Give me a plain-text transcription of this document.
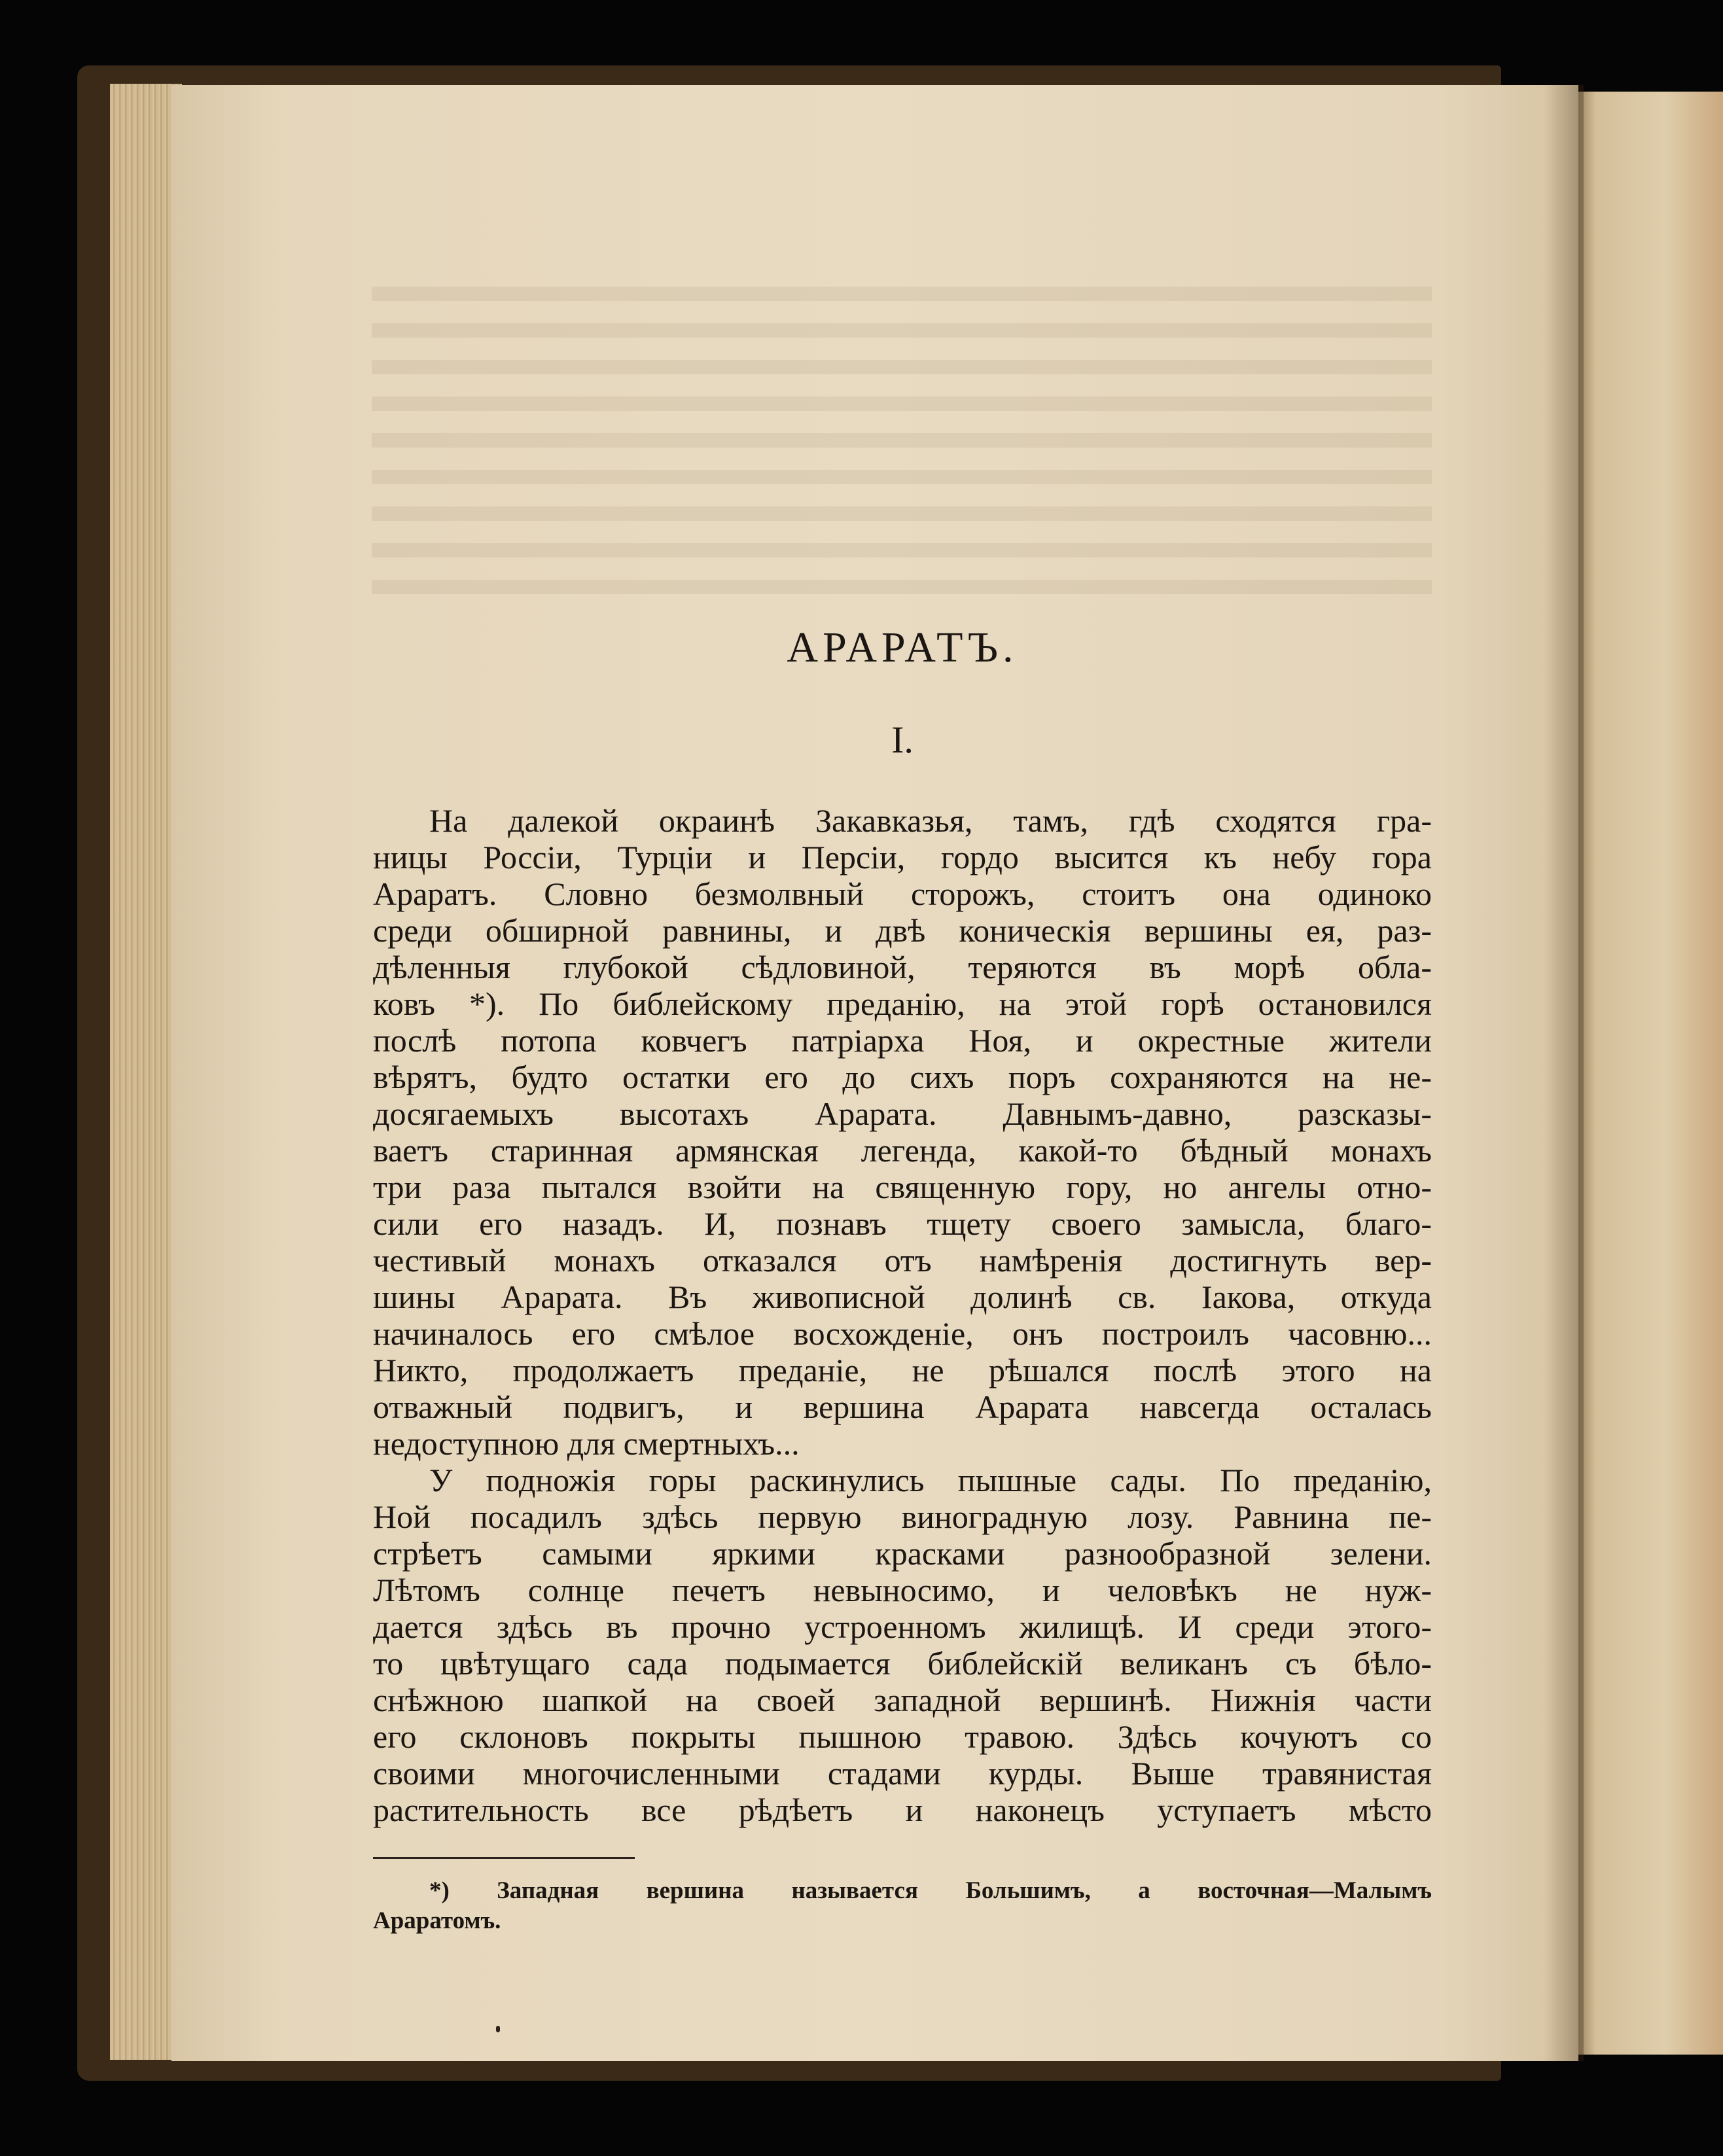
АРАРАТЪ.
I.
На далекой окраинѣ Закавказья, тамъ, гдѣ сходятся гра-
ницы Россіи, Турціи и Персіи, гордо высится къ небу гора
Араратъ. Словно безмолвный сторожъ, стоитъ она одиноко
среди обширной равнины, и двѣ коническія вершины ея, раз-
дѣленныя глубокой сѣдловиной, теряются въ морѣ обла-
ковъ *). По библейскому преданію, на этой горѣ остановился
послѣ потопа ковчегъ патріарха Ноя, и окрестные жители
вѣрятъ, будто остатки его до сихъ поръ сохраняются на не-
досягаемыхъ высотахъ Арарата. Давнымъ-давно, разсказы-
ваетъ старинная армянская легенда, какой-то бѣдный монахъ
три раза пытался взойти на священную гору, но ангелы отно-
сили его назадъ. И, познавъ тщету своего замысла, благо-
честивый монахъ отказался отъ намѣренія достигнуть вер-
шины Арарата. Въ живописной долинѣ св. Іакова, откуда
начиналось его смѣлое восхожденіе, онъ построилъ часовню...
Никто, продолжаетъ преданіе, не рѣшался послѣ этого на
отважный подвигъ, и вершина Арарата навсегда осталась
недоступною для смертныхъ...
У подножія горы раскинулись пышные сады. По преданію,
Ной посадилъ здѣсь первую виноградную лозу. Равнина пе-
стрѣетъ самыми яркими красками разнообразной зелени.
Лѣтомъ солнце печетъ невыносимо, и человѣкъ не нуж-
дается здѣсь въ прочно устроенномъ жилищѣ. И среди этого-
то цвѣтущаго сада подымается библейскій великанъ съ бѣло-
снѣжною шапкой на своей западной вершинѣ. Нижнія части
его склоновъ покрыты пышною травою. Здѣсь кочуютъ со
своими многочисленными стадами курды. Выше травянистая
растительность все рѣдѣетъ и наконецъ уступаетъ мѣсто
*) Западная вершина называется Большимъ, а восточная—Малымъ
Араратомъ.
